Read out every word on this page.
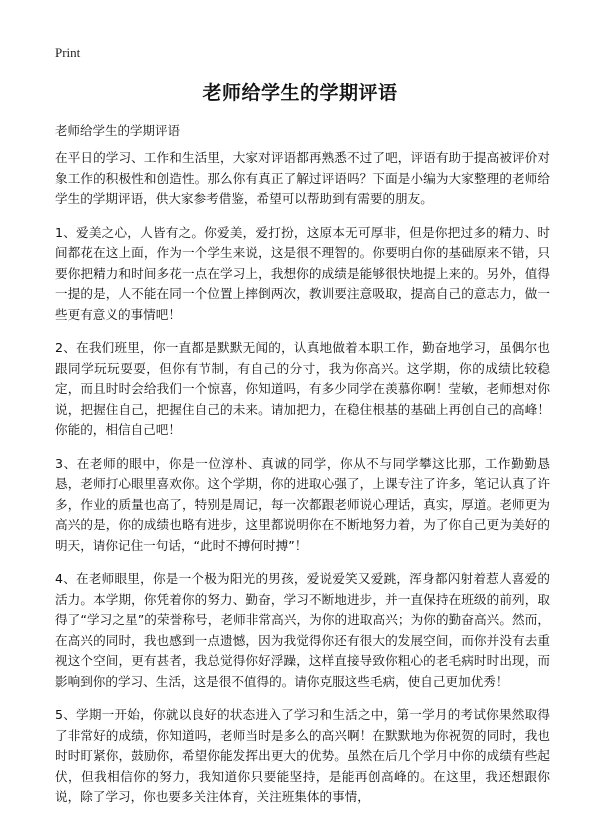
Print
老师给学生的学期评语

老师给学生的学期评语

在平日的学习、工作和生活里，大家对评语都再熟悉不过了吧，评语有助于提高被评价对象工作的积极性和创造性。那么你有真正了解过评语吗？下面是小编为大家整理的老师给学生的学期评语，供大家参考借鉴，希望可以帮助到有需要的朋友。

1、爱美之心，人皆有之。你爱美，爱打扮，这原本无可厚非，但是你把过多的精力、时间都花在这上面，作为一个学生来说，这是很不理智的。你要明白你的基础原来不错，只要你把精力和时间多花一点在学习上，我想你的成绩是能够很快地提上来的。另外，值得一提的是，人不能在同一个位置上摔倒两次，教训要注意吸取，提高自己的意志力，做一些更有意义的事情吧！

2、在我们班里，你一直都是默默无闻的，认真地做着本职工作，勤奋地学习，虽偶尔也跟同学玩玩耍耍，但你有节制，有自己的分寸，我为你高兴。这学期，你的成绩比较稳定，而且时时会给我们一个惊喜，你知道吗，有多少同学在羡慕你啊！莹敏，老师想对你说，把握住自己，把握住自己的未来。请加把力，在稳住根基的基础上再创自己的高峰！你能的，相信自己吧！

3、在老师的眼中，你是一位淳朴、真诚的同学，你从不与同学攀这比那，工作勤勤恳恳，老师打心眼里喜欢你。这个学期，你的进取心强了，上课专注了许多，笔记认真了许多，作业的质量也高了，特别是周记，每一次都跟老师说心理话，真实，厚道。老师更为高兴的是，你的成绩也略有进步，这里都说明你在不断地努力着，为了你自己更为美好的明天，请你记住一句话，“此时不搏何时搏”！

4、在老师眼里，你是一个极为阳光的男孩，爱说爱笑又爱跳，浑身都闪射着惹人喜爱的活力。本学期，你凭着你的努力、勤奋，学习不断地进步，并一直保持在班级的前列，取得了“学习之星”的荣誉称号，老师非常高兴，为你的进取高兴；为你的勤奋高兴。然而，在高兴的同时，我也感到一点遗憾，因为我觉得你还有很大的发展空间，而你并没有去重视这个空间，更有甚者，我总觉得你好浮躁，这样直接导致你粗心的老毛病时时出现，而影响到你的学习、生活，这是很不值得的。请你克服这些毛病，使自己更加优秀！

5、学期一开始，你就以良好的状态进入了学习和生活之中，第一学月的考试你果然取得了非常好的成绩，你知道吗，老师当时是多么的高兴啊！在默默地为你祝贺的同时，我也时时盯紧你，鼓励你，希望你能发挥出更大的优势。虽然在后几个学月中你的成绩有些起伏，但我相信你的努力，我知道你只要能坚持，是能再创高峰的。在这里，我还想跟你说，除了学习，你也要多关注体育，关注班集体的事情，
